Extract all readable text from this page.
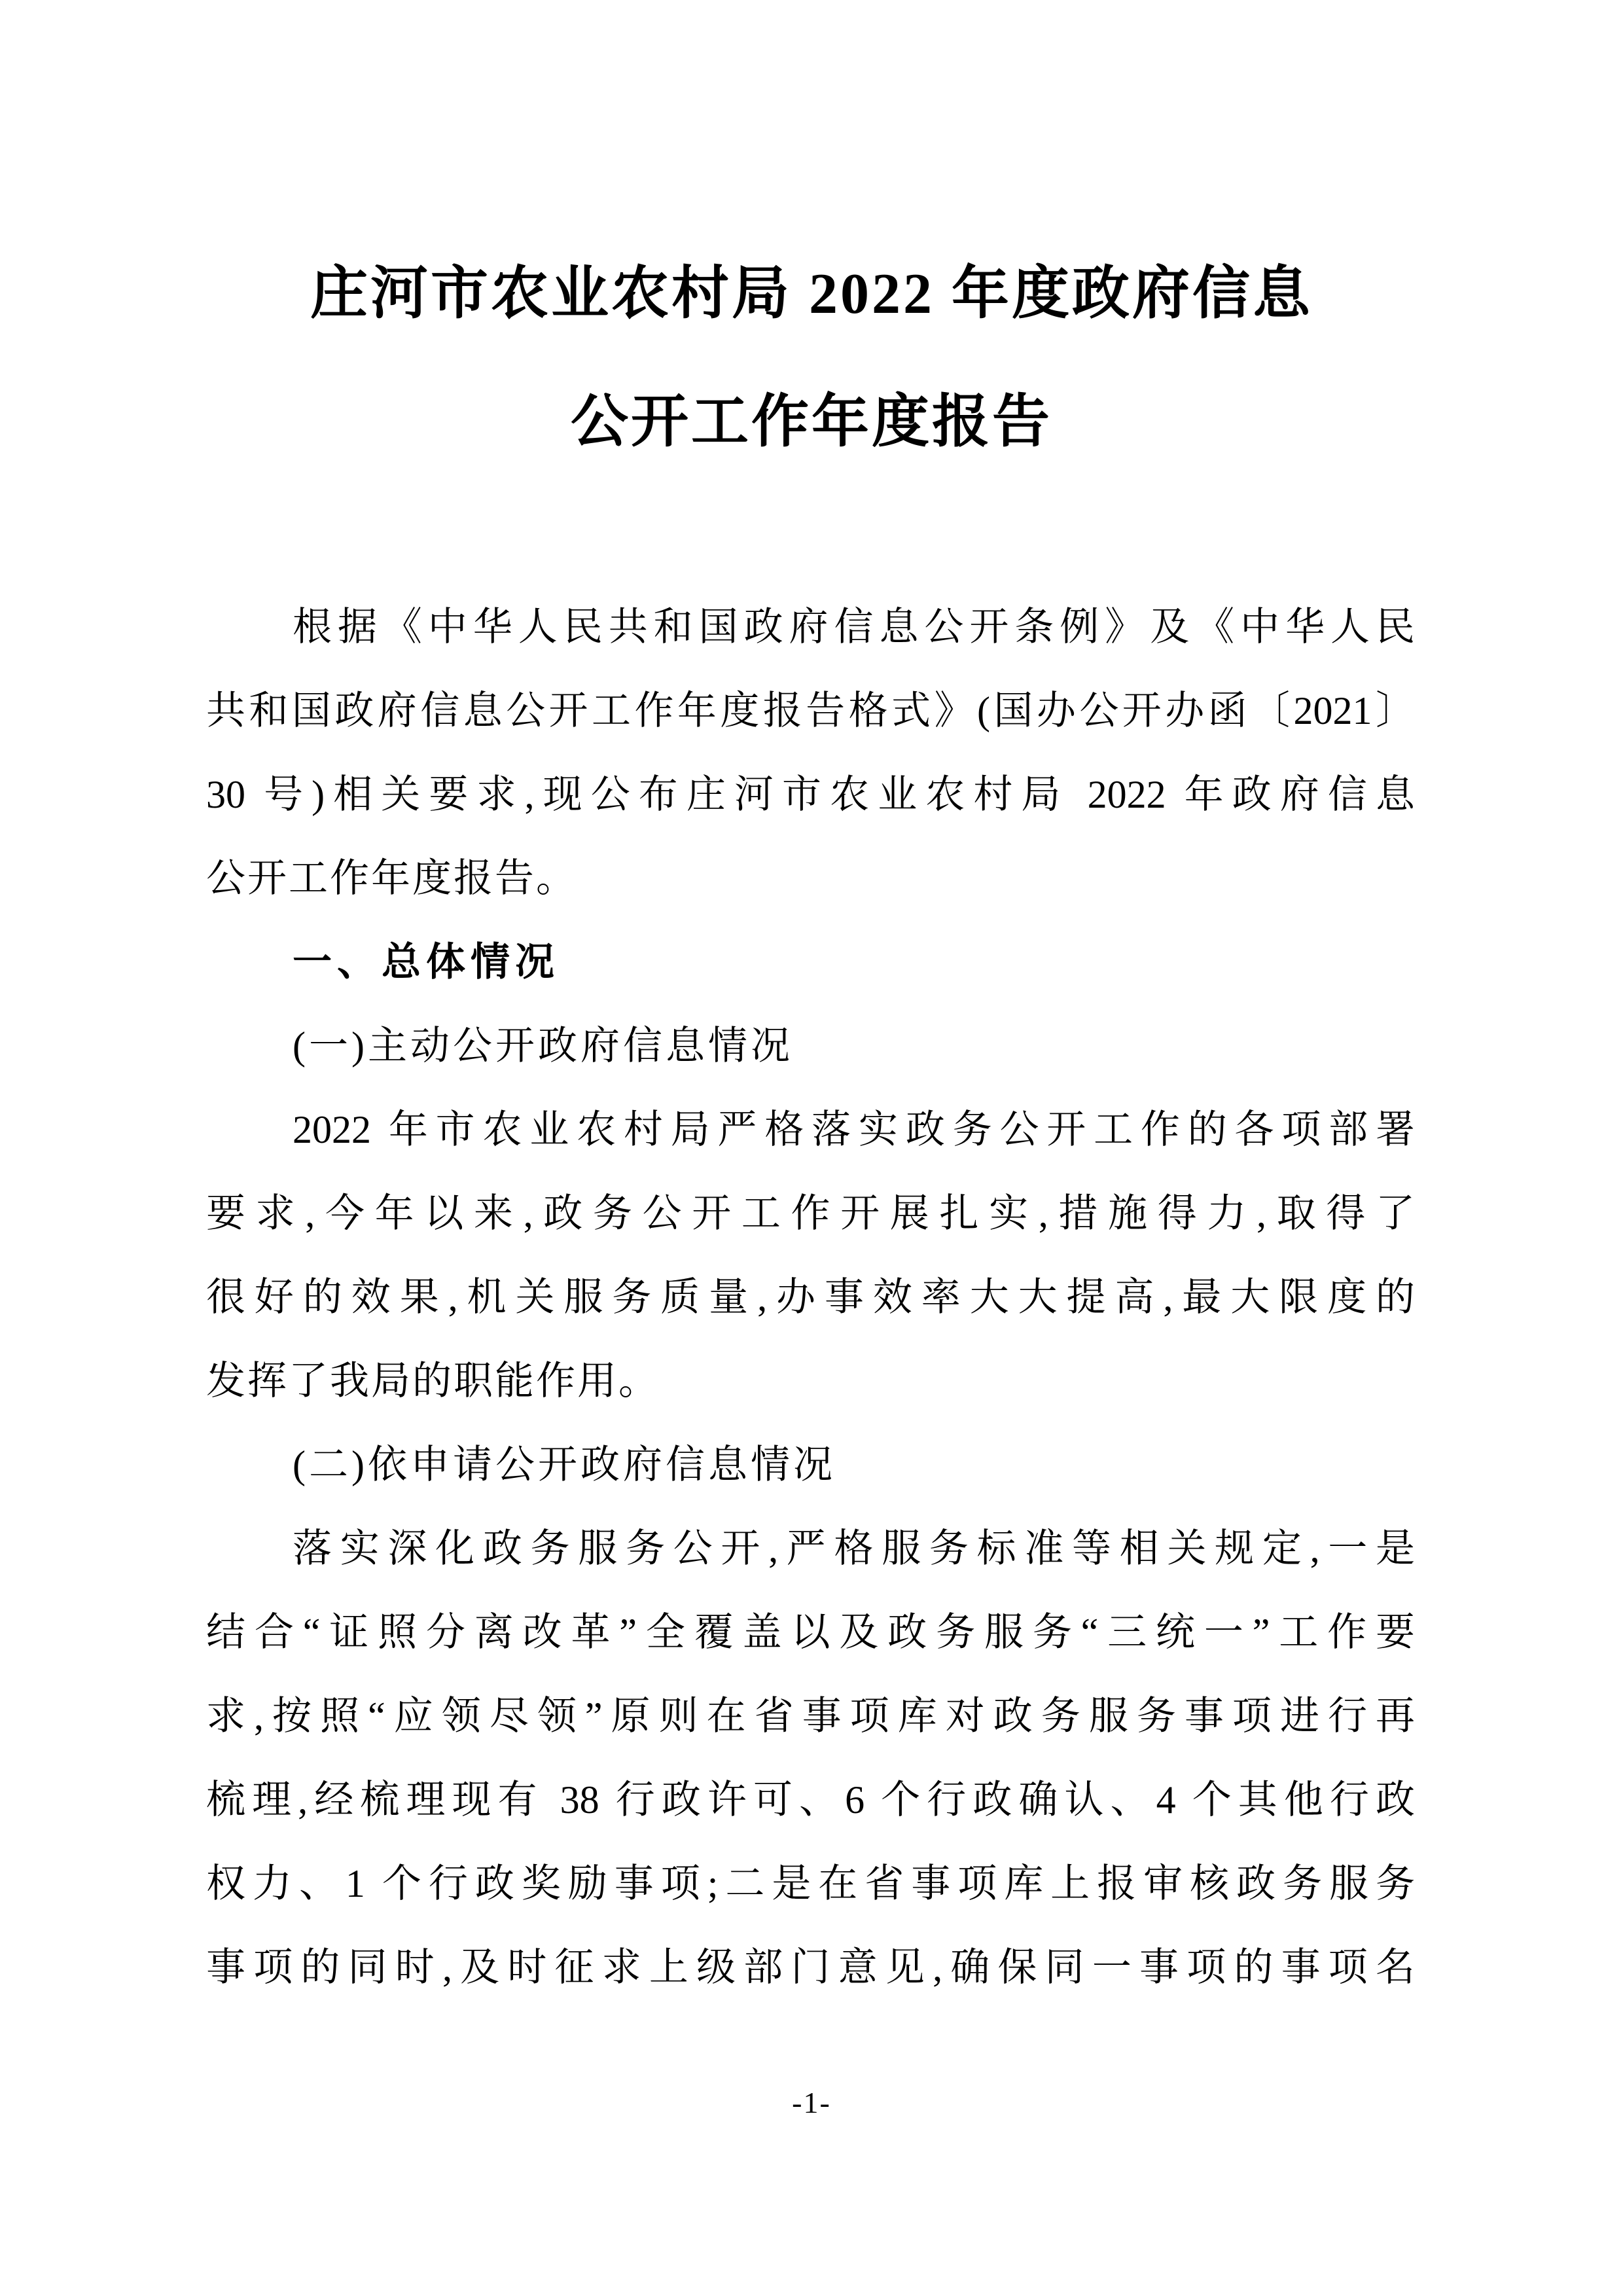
庄河市农业农村局 2022 年度政府信息
公开工作年度报告
根据《中华人民共和国政府信息公开条例》及《中华人民
共和国政府信息公开工作年度报告格式》(国办公开办函〔2021〕
30 号)相关要求,现公布庄河市农业农村局 2022 年政府信息
公开工作年度报告。
一、总体情况
(一)主动公开政府信息情况
2022 年市农业农村局严格落实政务公开工作的各项部署
要求,今年以来,政务公开工作开展扎实,措施得力,取得了
很好的效果,机关服务质量,办事效率大大提高,最大限度的
发挥了我局的职能作用。
(二)依申请公开政府信息情况
落实深化政务服务公开,严格服务标准等相关规定,一是
结合“证照分离改革”全覆盖以及政务服务“三统一”工作要
求,按照“应领尽领”原则在省事项库对政务服务事项进行再
梳理,经梳理现有 38 行政许可、6 个行政确认、4 个其他行政
权力、1 个行政奖励事项;二是在省事项库上报审核政务服务
事项的同时,及时征求上级部门意见,确保同一事项的事项名
-1-
